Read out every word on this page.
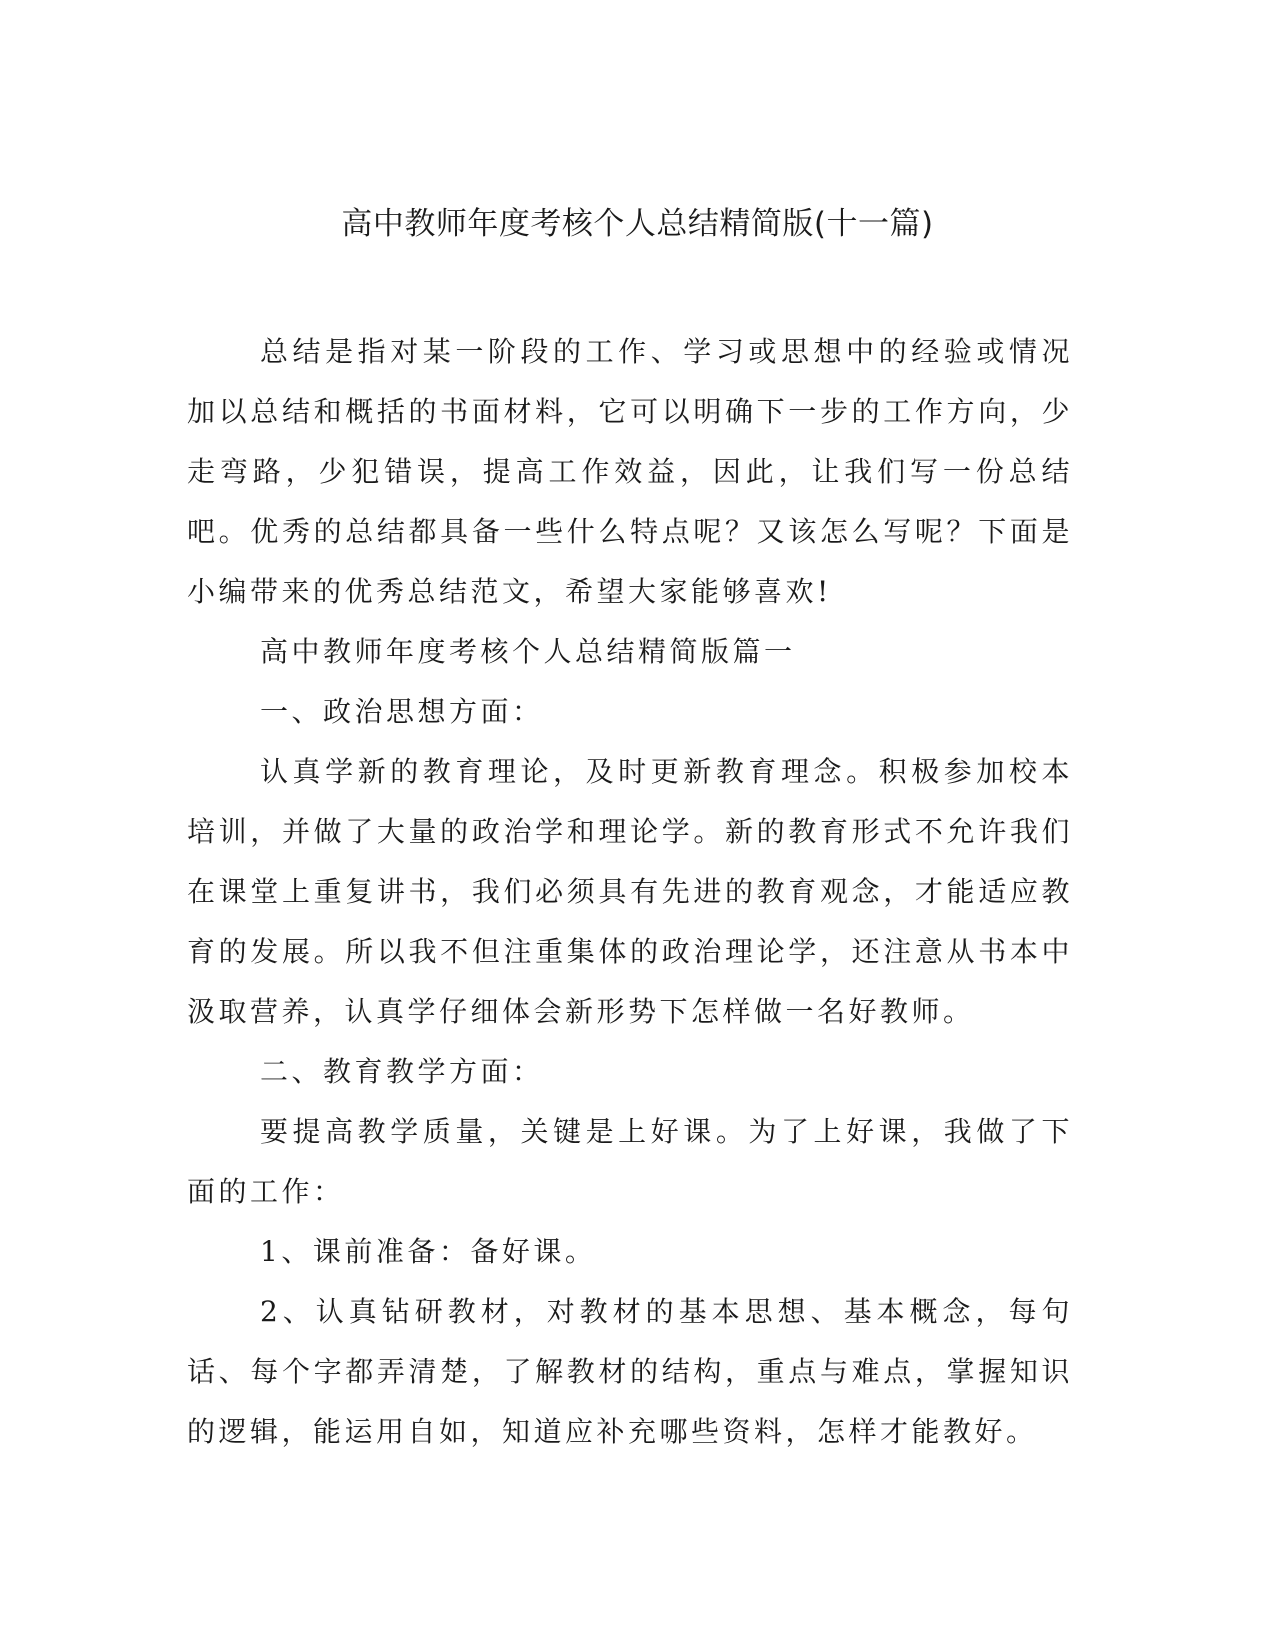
高中教师年度考核个人总结精简版(十一篇)

总结是指对某一阶段的工作、学习或思想中的经验或情况加以总结和概括的书面材料，它可以明确下一步的工作方向，少走弯路，少犯错误，提高工作效益，因此，让我们写一份总结吧。优秀的总结都具备一些什么特点呢？又该怎么写呢？下面是小编带来的优秀总结范文，希望大家能够喜欢!

高中教师年度考核个人总结精简版篇一

一、政治思想方面：

认真学新的教育理论，及时更新教育理念。积极参加校本培训，并做了大量的政治学和理论学。新的教育形式不允许我们在课堂上重复讲书，我们必须具有先进的教育观念，才能适应教育的发展。所以我不但注重集体的政治理论学，还注意从书本中汲取营养，认真学仔细体会新形势下怎样做一名好教师。

二、教育教学方面：

要提高教学质量，关键是上好课。为了上好课，我做了下面的工作：

1、课前准备：备好课。

2、认真钻研教材，对教材的基本思想、基本概念，每句话、每个字都弄清楚，了解教材的结构，重点与难点，掌握知识的逻辑，能运用自如，知道应补充哪些资料，怎样才能教好。
